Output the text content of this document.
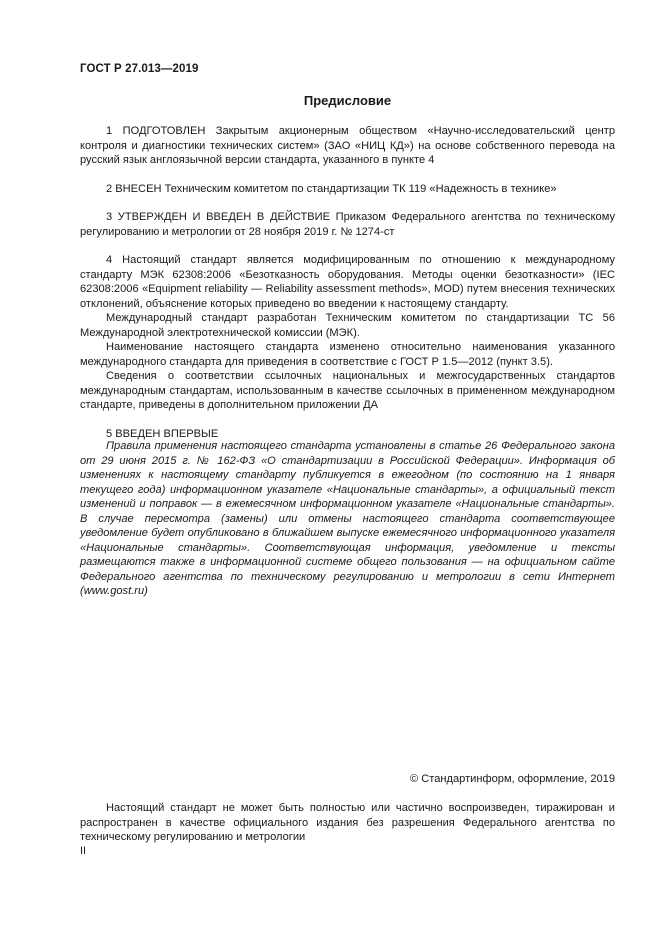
ГОСТ Р 27.013—2019
Предисловие

1 ПОДГОТОВЛЕН Закрытым акционерным обществом «Научно-исследовательский центр контроля и диагностики технических систем» (ЗАО «НИЦ КД») на основе собственного перевода на русский язык англоязычной версии стандарта, указанного в пункте 4

2 ВНЕСЕН Техническим комитетом по стандартизации ТК 119 «Надежность в технике»

3 УТВЕРЖДЕН И ВВЕДЕН В ДЕЙСТВИЕ Приказом Федерального агентства по техническому регулированию и метрологии от 28 ноября 2019 г. № 1274-ст

4 Настоящий стандарт является модифицированным по отношению к международному стандарту МЭК 62308:2006 «Безотказность оборудования. Методы оценки безотказности» (IEC 62308:2006 «Equipment reliability — Reliability assessment methods», MOD) путем внесения технических отклонений, объяснение которых приведено во введении к настоящему стандарту.

Международный стандарт разработан Техническим комитетом по стандартизации ТС 56 Международной электротехнической комиссии (МЭК).

Наименование настоящего стандарта изменено относительно наименования указанного международного стандарта для приведения в соответствие с ГОСТ Р 1.5—2012 (пункт 3.5).

Сведения о соответствии ссылочных национальных и межгосударственных стандартов международным стандартам, использованным в качестве ссылочных в примененном международном стандарте, приведены в дополнительном приложении ДА

5 ВВЕДЕН ВПЕРВЫЕ

Правила применения настоящего стандарта установлены в статье 26 Федерального закона от 29 июня 2015 г. № 162-ФЗ «О стандартизации в Российской Федерации». Информация об изменениях к настоящему стандарту публикуется в ежегодном (по состоянию на 1 января текущего года) информационном указателе «Национальные стандарты», а официальный текст изменений и поправок — в ежемесячном информационном указателе «Национальные стандарты». В случае пересмотра (замены) или отмены настоящего стандарта соответствующее уведомление будет опубликовано в ближайшем выпуске ежемесячного информационного указателя «Национальные стандарты». Соответствующая информация, уведомление и тексты размещаются также в информационной системе общего пользования — на официальном сайте Федерального агентства по техническому регулированию и метрологии в сети Интернет (www.gost.ru)

© Стандартинформ, оформление, 2019

Настоящий стандарт не может быть полностью или частично воспроизведен, тиражирован и распространен в качестве официального издания без разрешения Федерального агентства по техническому регулированию и метрологии

II
